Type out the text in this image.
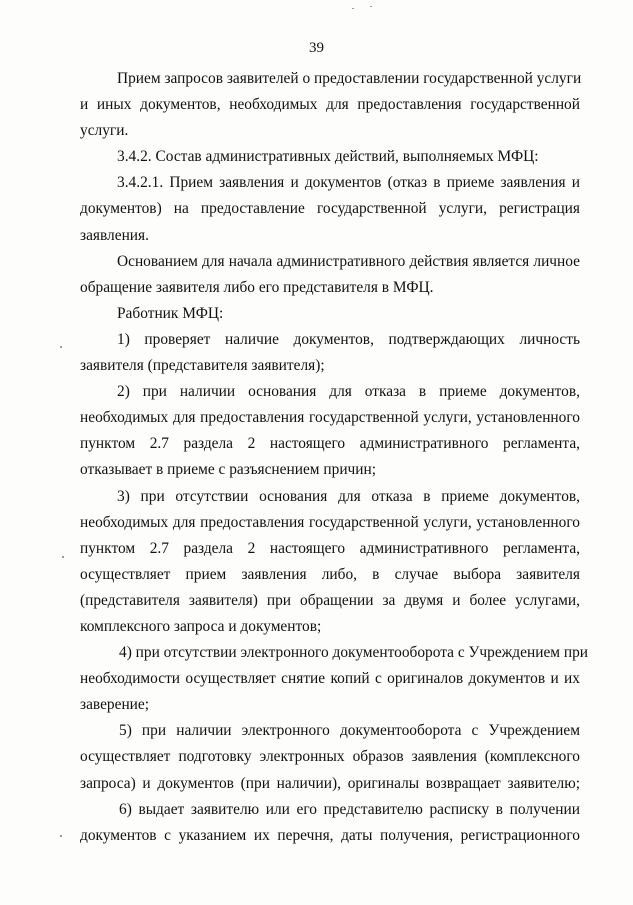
39
Прием запросов заявителей о предоставлении государственной услуги
и иных документов, необходимых для предоставления государственной
услуги.
3.4.2. Состав административных действий, выполняемых МФЦ:
3.4.2.1. Прием заявления и документов (отказ в приеме заявления и
документов) на предоставление государственной услуги, регистрация
заявления.
Основанием для начала административного действия является личное
обращение заявителя либо его представителя в МФЦ.
Работник МФЦ:
1) проверяет наличие документов, подтверждающих личность
заявителя (представителя заявителя);
2) при наличии основания для отказа в приеме документов,
необходимых для предоставления государственной услуги, установленного
пунктом 2.7 раздела 2 настоящего административного регламента,
отказывает в приеме с разъяснением причин;
3) при отсутствии основания для отказа в приеме документов,
необходимых для предоставления государственной услуги, установленного
пунктом 2.7 раздела 2 настоящего административного регламента,
осуществляет прием заявления либо, в случае выбора заявителя
(представителя заявителя) при обращении за двумя и более услугами,
комплексного запроса и документов;
4) при отсутствии электронного документооборота с Учреждением при
необходимости осуществляет снятие копий с оригиналов документов и их
заверение;
5) при наличии электронного документооборота с Учреждением
осуществляет подготовку электронных образов заявления (комплексного
запроса) и документов (при наличии), оригиналы возвращает заявителю;
6) выдает заявителю или его представителю расписку в получении
документов с указанием их перечня, даты получения, регистрационного
